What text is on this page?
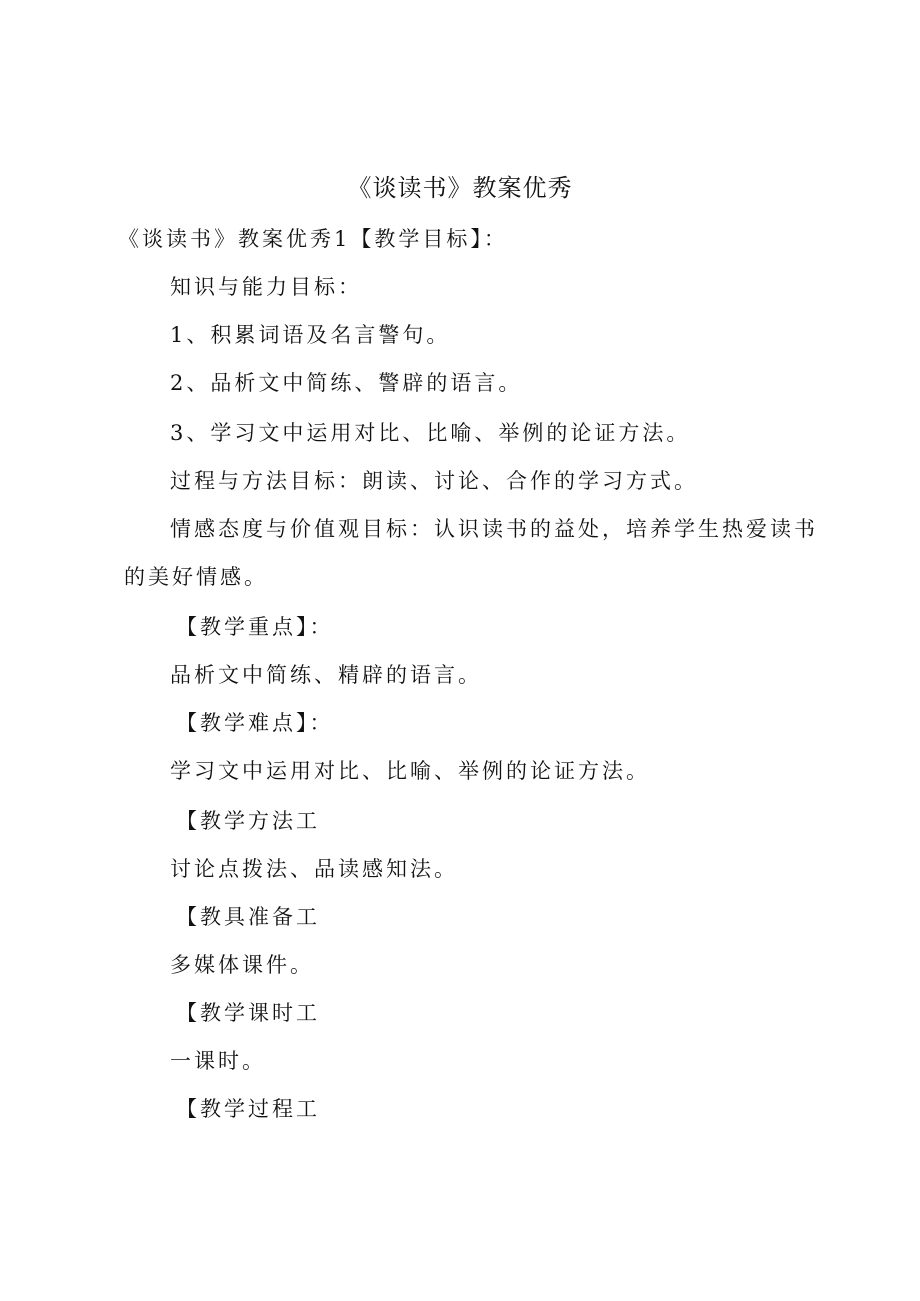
《谈读书》教案优秀
《谈读书》教案优秀1【教学目标】：
知识与能力目标：
1、积累词语及名言警句。
2、品析文中简练、警辟的语言。
3、学习文中运用对比、比喻、举例的论证方法。
过程与方法目标：朗读、讨论、合作的学习方式。
情感态度与价值观目标：认识读书的益处，培养学生热爱读书
的美好情感。
【教学重点】：
品析文中简练、精辟的语言。
【教学难点】：
学习文中运用对比、比喻、举例的论证方法。
【教学方法工
讨论点拨法、品读感知法。
【教具准备工
多媒体课件。
【教学课时工
一课时。
【教学过程工
